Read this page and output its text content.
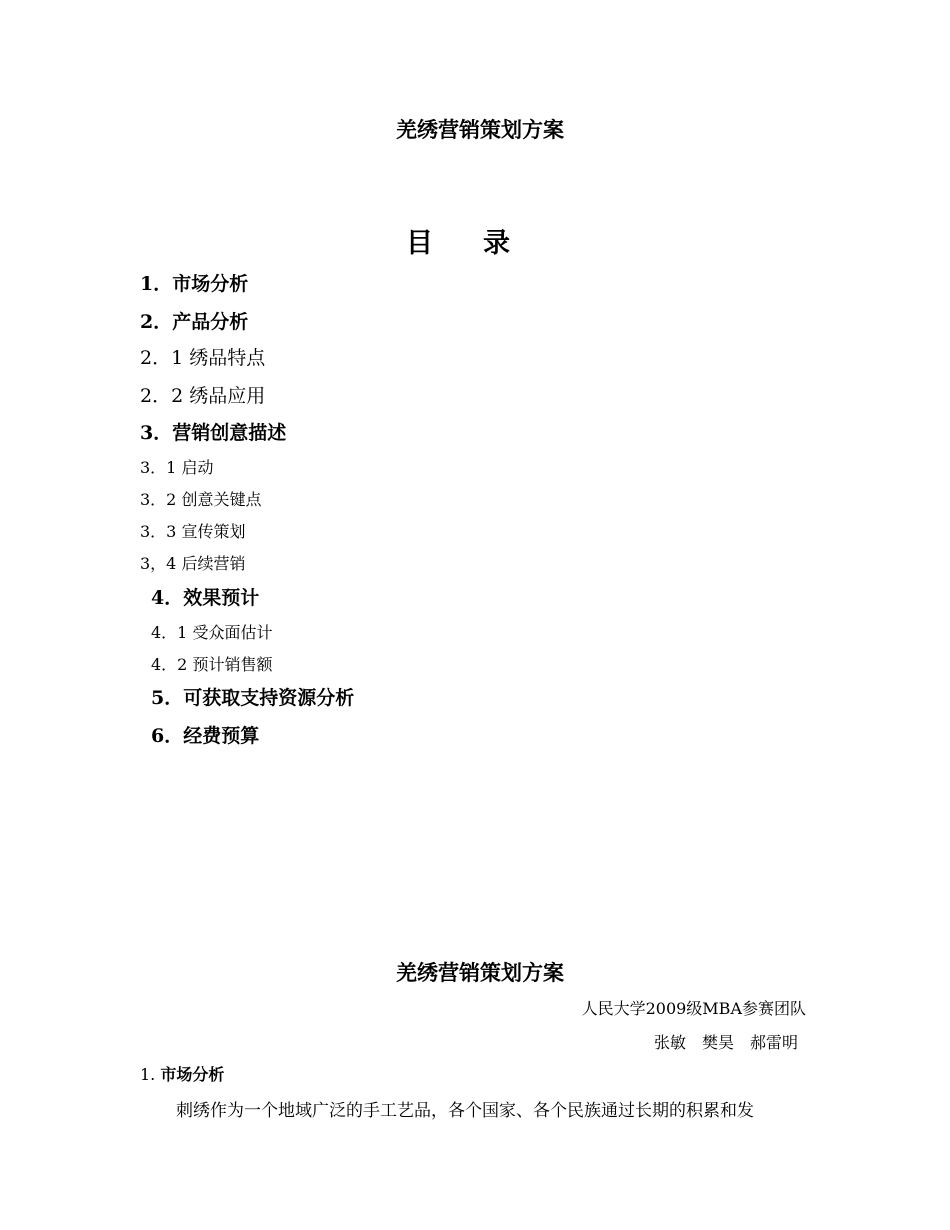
羌绣营销策划方案
目录
1．市场分析
2．产品分析
2．1 绣品特点
2．2 绣品应用
3．营销创意描述
3．1 启动
3．2 创意关键点
3．3 宣传策划
3，4 后续营销
4．效果预计
4．1 受众面估计
4．2 预计销售额
5．可获取支持资源分析
6．经费预算
羌绣营销策划方案
人民大学2009级MBA参赛团队
张敏　樊昊　郝雷明
1. 市场分析
刺绣作为一个地域广泛的手工艺品，各个国家、各个民族通过长期的积累和发
